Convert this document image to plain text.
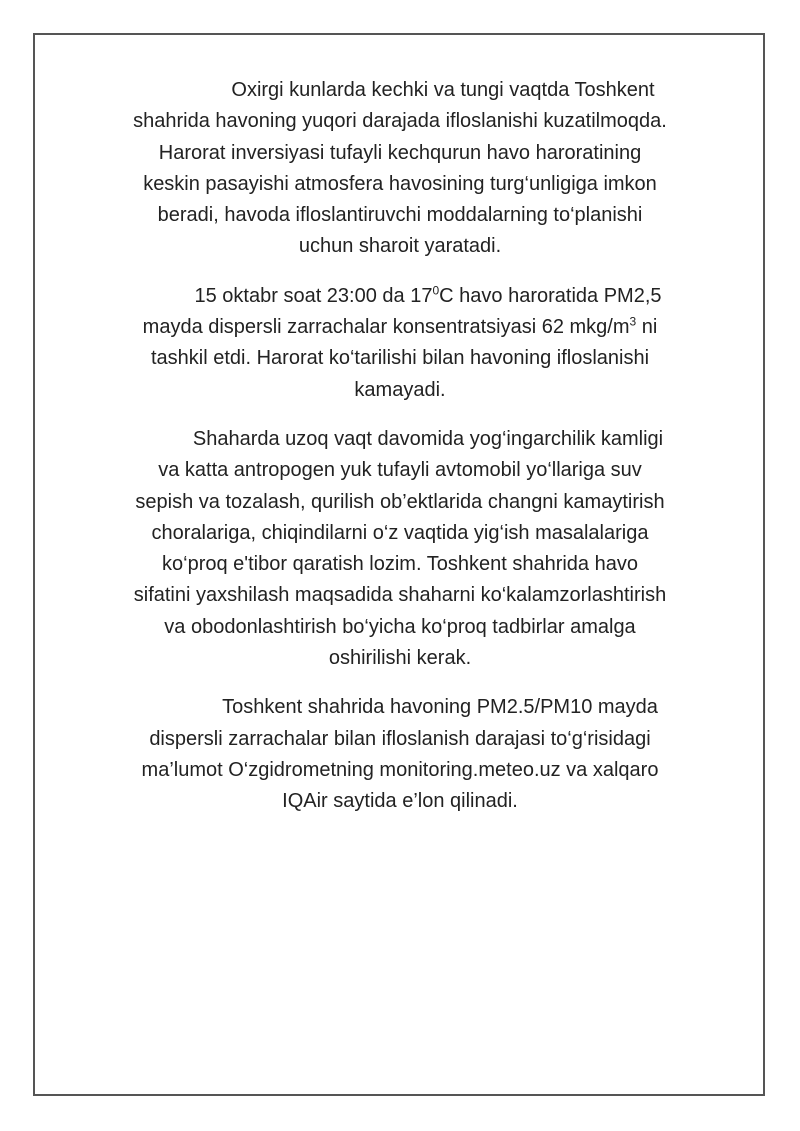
Oxirgi kunlarda kechki va tungi vaqtda Toshkent
shahrida havoning yuqori darajada ifloslanishi kuzatilmoqda.
Harorat inversiyasi tufayli kechqurun havo haroratining
keskin pasayishi atmosfera havosining turg‘unligiga imkon
beradi, havoda ifloslantiruvchi moddalarning to‘planishi
uchun sharoit yaratadi.

15 oktabr soat 23:00 da $17^0C$ havo haroratida PM2,5
mayda dispersli zarrachalar konsentratsiyasi 62 mkg/$m^3$ ni
tashkil etdi. Harorat ko‘tarilishi bilan havoning ifloslanishi
kamayadi.

Shaharda uzoq vaqt davomida yog‘ingarchilik kamligi
va katta antropogen yuk tufayli avtomobil yo‘llariga suv
sepish va tozalash, qurilish ob’ektlarida changni kamaytirish
choralariga, chiqindilarni o‘z vaqtida yig‘ish masalalariga
ko‘proq e'tibor qaratish lozim. Toshkent shahrida havo
sifatini yaxshilash maqsadida shaharni ko‘kalamzorlashtirish
va obodonlashtirish bo‘yicha ko‘proq tadbirlar amalga
oshirilishi kerak.

Toshkent shahrida havoning PM2.5/PM10 mayda
dispersli zarrachalar bilan ifloslanish darajasi to‘g‘risidagi
ma’lumot O‘zgidrometning monitoring.meteo.uz va xalqaro
IQAir saytida e’lon qilinadi.
